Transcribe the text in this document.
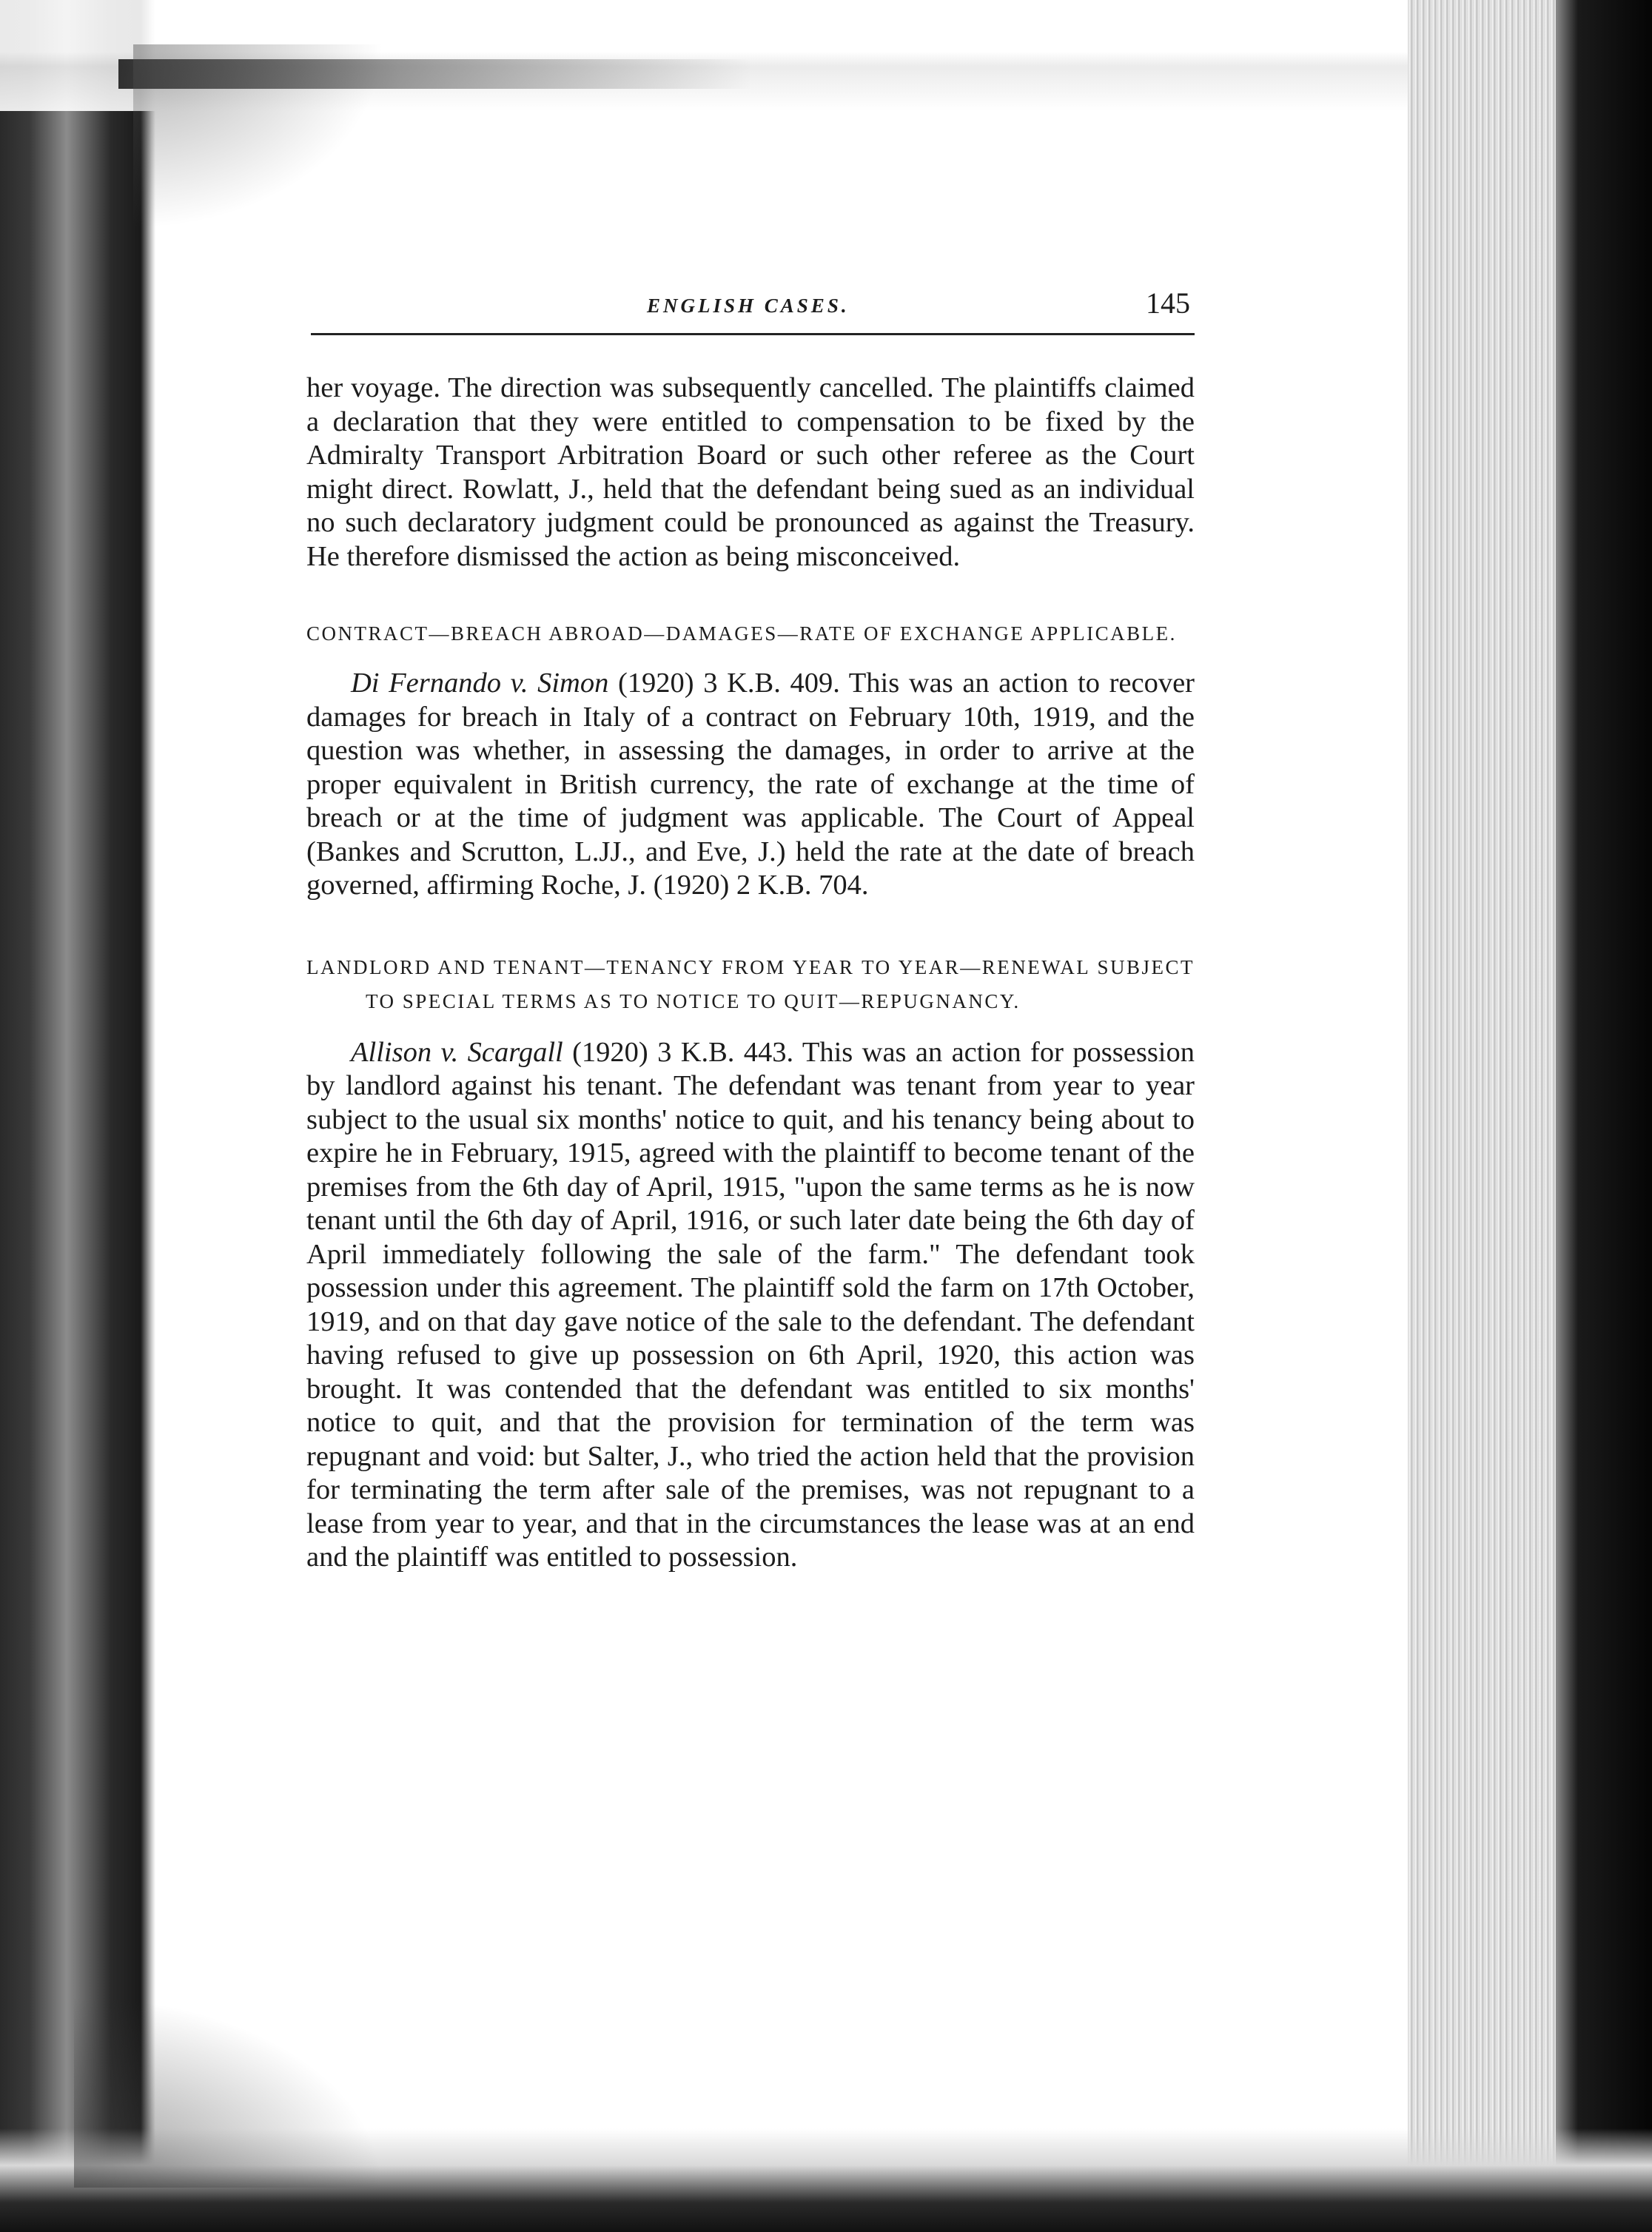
ENGLISH CASES.	145

her voyage. The direction was subsequently cancelled. The plaintiffs claimed a declaration that they were entitled to compensation to be fixed by the Admiralty Transport Arbitration Board or such other referee as the Court might direct. Rowlatt, J., held that the defendant being sued as an individual no such declaratory judgment could be pronounced as against the Treasury. He therefore dismissed the action as being misconceived.

CONTRACT—BREACH ABROAD—DAMAGES—RATE OF EXCHANGE APPLICABLE.

Di Fernando v. Simon (1920) 3 K.B. 409. This was an action to recover damages for breach in Italy of a contract on February 10th, 1919, and the question was whether, in assessing the damages, in order to arrive at the proper equivalent in British currency, the rate of exchange at the time of breach or at the time of judgment was applicable. The Court of Appeal (Bankes and Scrutton, L.JJ., and Eve, J.) held the rate at the date of breach governed, affirming Roche, J. (1920) 2 K.B. 704.

LANDLORD AND TENANT—TENANCY FROM YEAR TO YEAR—RENEWAL SUBJECT TO SPECIAL TERMS AS TO NOTICE TO QUIT—REPUGNANCY.

Allison v. Scargall (1920) 3 K.B. 443. This was an action for possession by landlord against his tenant. The defendant was tenant from year to year subject to the usual six months' notice to quit, and his tenancy being about to expire he in February, 1915, agreed with the plaintiff to become tenant of the premises from the 6th day of April, 1915, "upon the same terms as he is now tenant until the 6th day of April, 1916, or such later date being the 6th day of April immediately following the sale of the farm." The defendant took possession under this agreement. The plaintiff sold the farm on 17th October, 1919, and on that day gave notice of the sale to the defendant. The defendant having refused to give up possession on 6th April, 1920, this action was brought. It was contended that the defendant was entitled to six months' notice to quit, and that the provision for termination of the term was repugnant and void: but Salter, J., who tried the action held that the provision for terminating the term after sale of the premises, was not repugnant to a lease from year to year, and that in the circumstances the lease was at an end and the plaintiff was entitled to possession.
